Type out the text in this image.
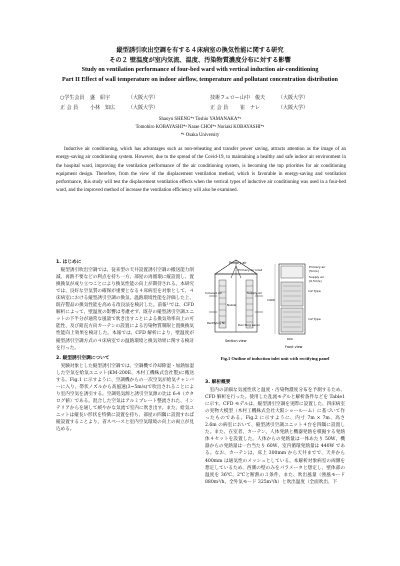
縦型誘引吹出空調を有する４床病室の換気性能に関する研究
その２ 壁温度が室内気流、温度、汚染物質濃度分布に対する影響
Study on ventilation performance of four-bed ward with vertical induction air-conditioning
Part II Effect of wall temperature on indoor airflow, temperature and pollutant concentration distribution
○学生会員	盛　紹宇	（大阪大学）	技術フェロー 山中　俊夫	（大阪大学）
正 会 員	小林　知広	（大阪大学）	正 会 員	崔　ナレ	（大阪大学）
Shaoyu SHENG*¹ Toshio YAMANAKA*¹
Tomohiro KOBAYASHI*¹ Narae CHOI*¹ Noriaki KOBAYASHI*¹
*¹ Osaka University
Inductive air conditioning, which has advantages such as non-reheating and transfer power saving, attracts attention as the image of an energy-saving air conditioning system. However, due to the spread of the Covid-19, to maintaining a healthy and safe indoor air environment in the hospital ward, improving the ventilation performance of the air conditioning system, is becoming the top priorities for air conditioning equipment design. Therefore, from the view of the displacement ventilation method, which is favorable in energy-saving and ventilation performance, this study will test the displacement ventilation effects when the vertical types of inductive air conditioning was used in a four-bed ward, and the improved method of increase the ventilation efficiency will also be examined.
1. はじめに
縦型誘引吹出空調では、従来型の天井設置誘引空調の搬送能力削減、再熱不要などの利点を持ち一方、部屋の再循環に縦設置し、置換換気が成り立つことにより換気性能の向上が期待される。本研究では、良好な空気質の確保が重要となる４床病室を対象として、４床病室における縦型誘引空調の換気、温熱環境性能を評価した上、既存製品の換気性能を高める改良法を検討した。前報¹⁾では、CFD 解析によって、壁温度の影響は考慮せず、既存の縦型誘引空調ユニットの下半分が通常な風量で吹き出すことによる換気効率向上の可能性、及び鉛直方向カーテンの設置による汚染物質制限と置換換気性能向上効果を検討した。本報では、CFD 解析により、壁温度が縦型誘引空調方式の４床病室での温熱環境と換気効果に関する検討を行った。
2. 縦型誘引空調について
実験対象とした縦型誘引空調では、空調機で冷却除湿・加熱加湿した空気を給気ユニット(KM-200E、木村工機株式会社製)に搬送する。Fig.1 に示すように、空調機からの一次空気が給気チャンバーに入り、帯状ノズルから高風速(3~5m/s)で吹出されることにより室内空気を誘引する。空調処気源と誘引空気源の比は 6:4（カタログ値）である。混合した空気はアルミプレート整流された、インテリアからを通して緩やかな気流で室内に吹き出す。また、給気ユニットは縦長い形状を特徴に設置を持ち、部屋の四隅に設置すれば縦設置することより、省スペースと室内空気環境の向上の両立が見込める。
Primary air
Primary air inlet
Induced air	Supply air
Nozzle
Rectifying fin	Punching panel
Section view
1/2 Type
1/2 Type
Primary air
(5m/s)
Supply air
(0.5m/s)
1400
600
Front view
Fig.1 Outline of induction inlet unit with rectifying panel
3. 解析概要
室内の詳細な気流性状と温度・汚染物濃度分布を予測するため、CFD 解析を行った。使用した乱流モデルと解析条件などを Table1 に示す。CFD モデルは、縦型誘引空調を実際に設置した、四床病室の実物大模型（木村工機株式会社大阪ショールーム）に基づいて作ったものである。Fig.2 に示すように、内寸 7m × 7m、高さ 2.6m の病室において、縦型誘引空調ユニット４台を四隅に設置した。また、在室者、カーテン、人体発熱と機器発熱を模擬する発熱体４セットを設置した。人体からの発熱量は一体あたり 50W、機器からの発熱量は一台当たり 60W、室内循環発熱量は 440W である。なお、カーテンは、床上 300mm から天井までで、天井から 400mm は通気性のメッシュとしている。本解析対象病室の両側を想定しているため、西側の壁のみをパラメータと想定し、壁体部の温度を 36℃、2℃と断熱の３条件、また、吹出風量（強風モード 880m³/h、全外気モード 325m³/h）と吹出温度（全面吹出、下
